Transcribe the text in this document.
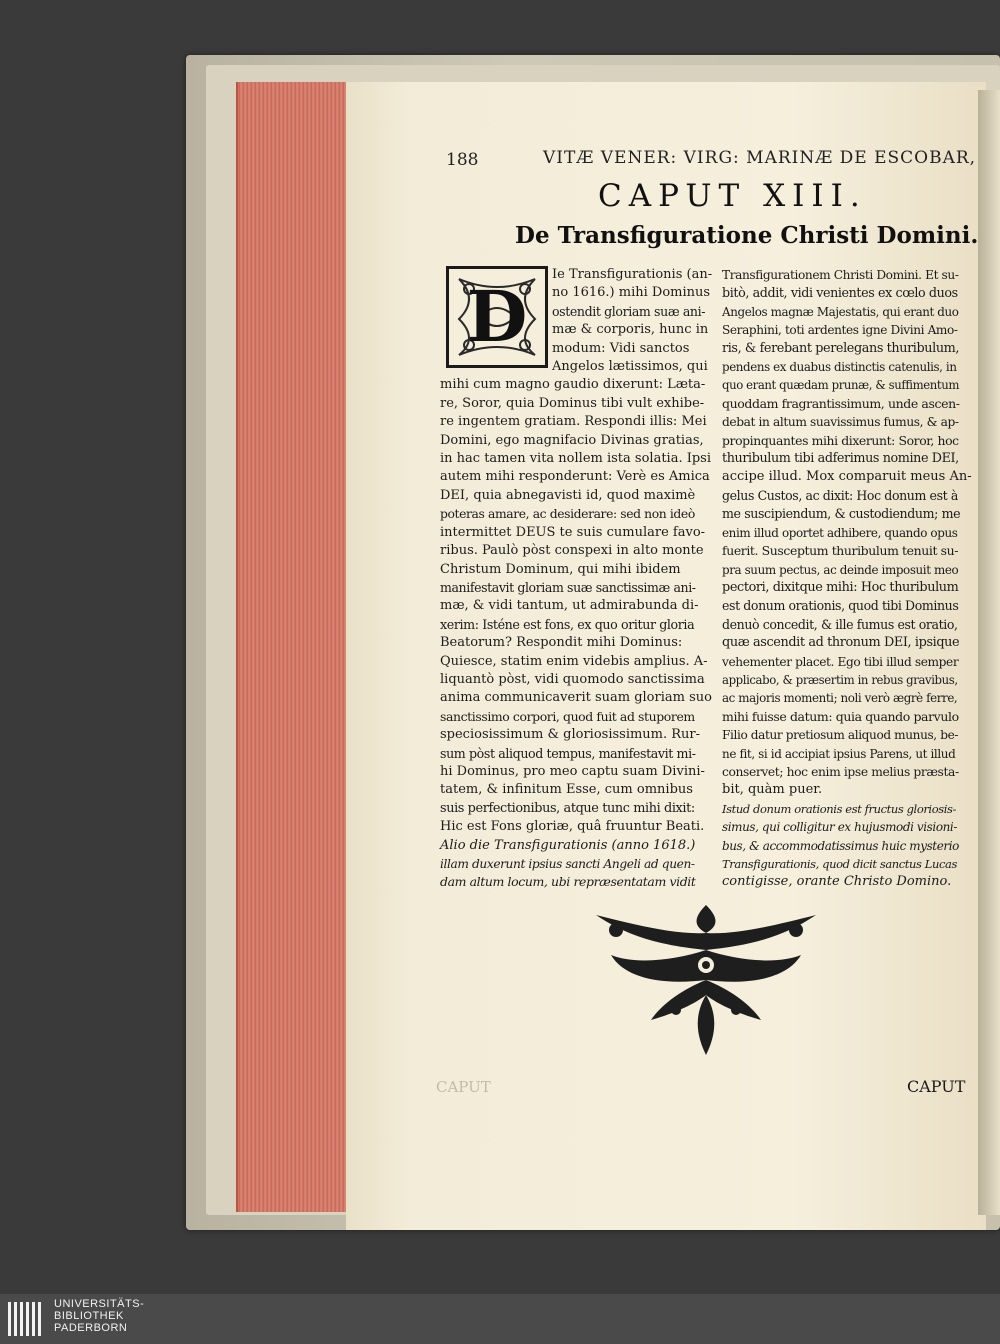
188	VITÆ VENER: VIRG: MARINÆ DE ESCOBAR,
CAPUT XIII.
De Transfiguratione Christi Domini.
D
Ie Transfigurationis (an-
no 1616.) mihi Dominus
ostendit gloriam suæ ani-
mæ & corporis, hunc in
modum: Vidi sanctos
Angelos lætissimos, qui
mihi cum magno gaudio dixerunt: Læta-
re, Soror, quia Dominus tibi vult exhibe-
re ingentem gratiam. Respondi illis: Mei
Domini, ego magnifacio Divinas gratias,
in hac tamen vita nollem ista solatia. Ipsi
autem mihi responderunt: Verè es Amica
DEI, quia abnegavisti id, quod maximè
poteras amare, ac desiderare: sed non ideò
intermittet DEUS te suis cumulare favo-
ribus. Paulò pòst conspexi in alto monte
Christum Dominum, qui mihi ibidem
manifestavit gloriam suæ sanctissimæ ani-
mæ, & vidi tantum, ut admirabunda di-
xerim: Isténe est fons, ex quo oritur gloria
Beatorum? Respondit mihi Dominus:
Quiesce, statim enim videbis amplius. A-
liquantò pòst, vidi quomodo sanctissima
anima communicaverit suam gloriam suo
sanctissimo corpori, quod fuit ad stuporem
speciosissimum & gloriosissimum. Rur-
sum pòst aliquod tempus, manifestavit mi-
hi Dominus, pro meo captu suam Divini-
tatem, & infinitum Esse, cum omnibus
suis perfectionibus, atque tunc mihi dixit:
Hic est Fons gloriæ, quâ fruuntur Beati.
Alio die Transfigurationis (anno 1618.)
illam duxerunt ipsius sancti Angeli ad quen-
dam altum locum, ubi repræsentatam vidit
Transfigurationem Christi Domini. Et su-
bitò, addit, vidi venientes ex cœlo duos
Angelos magnæ Majestatis, qui erant duo
Seraphini, toti ardentes igne Divini Amo-
ris, & ferebant perelegans thuribulum,
pendens ex duabus distinctis catenulis, in
quo erant quædam prunæ, & suffimentum
quoddam fragrantissimum, unde ascen-
debat in altum suavissimus fumus, & ap-
propinquantes mihi dixerunt: Soror, hoc
thuribulum tibi adferimus nomine DEI,
accipe illud. Mox comparuit meus An-
gelus Custos, ac dixit: Hoc donum est à
me suscipiendum, & custodiendum; me
enim illud oportet adhibere, quando opus
fuerit. Susceptum thuribulum tenuit su-
pra suum pectus, ac deinde imposuit meo
pectori, dixitque mihi: Hoc thuribulum
est donum orationis, quod tibi Dominus
denuò concedit, & ille fumus est oratio,
quæ ascendit ad thronum DEI, ipsique
vehementer placet. Ego tibi illud semper
applicabo, & præsertim in rebus gravibus,
ac majoris momenti; noli verò ægrè ferre,
mihi fuisse datum: quia quando parvulo
Filio datur pretiosum aliquod munus, be-
ne fit, si id accipiat ipsius Parens, ut illud
conservet; hoc enim ipse melius præsta-
bit, quàm puer.
Istud donum orationis est fructus gloriosis-
simus, qui colligitur ex hujusmodi visioni-
bus, & accommodatissimus huic mysterio
Transfigurationis, quod dicit sanctus Lucas
contigisse, orante Christo Domino.
CAPUT	CAPUT
UNIVERSITÄTS-
BIBLIOTHEK
PADERBORN
